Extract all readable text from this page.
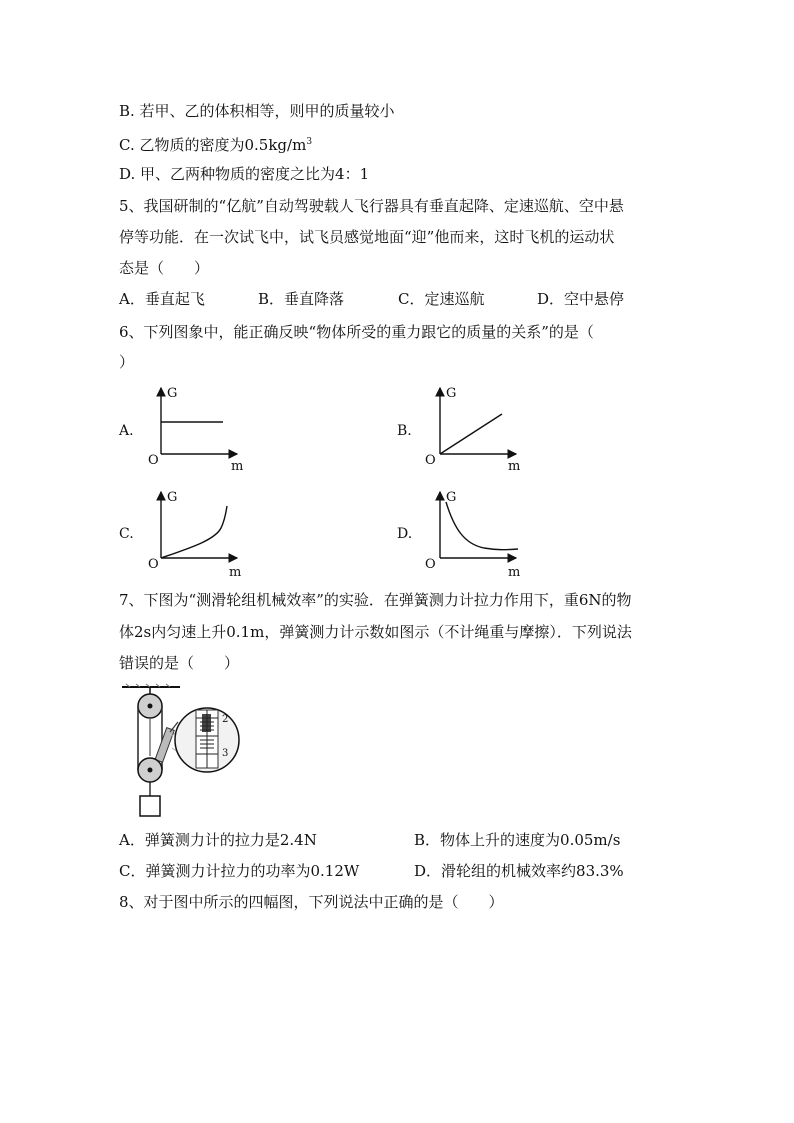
B. 若甲、乙的体积相等，则甲的质量较小
C. 乙物质的密度为$0.5kg/m^3$
D. 甲、乙两种物质的密度之比为4：1
5、我国研制的“亿航”自动驾驶载人飞行器具有垂直起降、定速巡航、空中悬
停等功能．在一次试飞中，试飞员感觉地面“迎”他而来，这时飞机的运动状
态是（　　）
A．垂直起飞	B．垂直降落	C．定速巡航	D．空中悬停
6、下列图象中，能正确反映“物体所受的重力跟它的质量的关系”的是（
）
A.	B.
C.	D.
G
O	m
G
O	m
G
O
m
G
O
m
7、下图为“测滑轮组机械效率”的实验．在弹簧测力计拉力作用下，重6N的物
体2s内匀速上升0.1m，弹簧测力计示数如图示（不计绳重与摩擦）．下列说法
错误的是（　　）
2
3
A．弹簧测力计的拉力是2.4N	B．物体上升的速度为0.05m/s
C．弹簧测力计拉力的功率为0.12W	D．滑轮组的机械效率约83.3%
8、对于图中所示的四幅图，下列说法中正确的是（　　）
